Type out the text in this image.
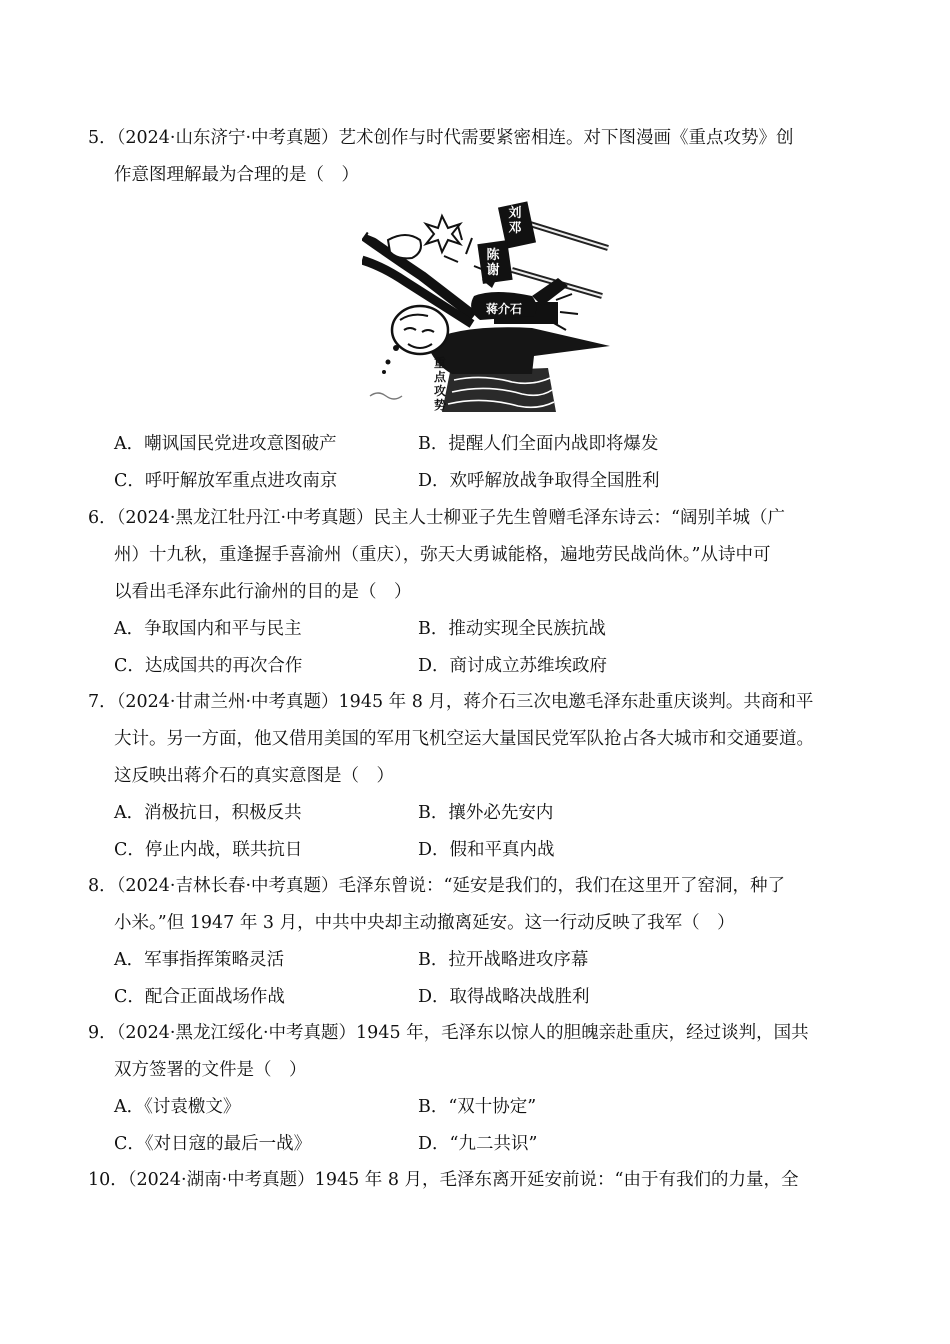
5．（2024·山东济宁·中考真题）艺术创作与时代需要紧密相连。对下图漫画《重点攻势》创
作意图理解最为合理的是（　）
刘邓
陈谢
蒋介石
重点攻势
A．嘲讽国民党进攻意图破产	B．提醒人们全面内战即将爆发
C．呼吁解放军重点进攻南京	D．欢呼解放战争取得全国胜利
6．（2024·黑龙江牡丹江·中考真题）民主人士柳亚子先生曾赠毛泽东诗云：“阔别羊城（广
州）十九秋，重逢握手喜渝州（重庆），弥天大勇诚能格，遍地劳民战尚休。”从诗中可
以看出毛泽东此行渝州的目的是（　）
A．争取国内和平与民主	B．推动实现全民族抗战
C．达成国共的再次合作	D．商讨成立苏维埃政府
7．（2024·甘肃兰州·中考真题）1945 年 8 月，蒋介石三次电邀毛泽东赴重庆谈判。共商和平
大计。另一方面，他又借用美国的军用飞机空运大量国民党军队抢占各大城市和交通要道。
这反映出蒋介石的真实意图是（　）
A．消极抗日，积极反共	B．攘外必先安内
C．停止内战，联共抗日	D．假和平真内战
8．（2024·吉林长春·中考真题）毛泽东曾说：“延安是我们的，我们在这里开了窑洞，种了
小米。”但 1947 年 3 月，中共中央却主动撤离延安。这一行动反映了我军（　）
A．军事指挥策略灵活	B．拉开战略进攻序幕
C．配合正面战场作战	D．取得战略决战胜利
9．（2024·黑龙江绥化·中考真题）1945 年，毛泽东以惊人的胆魄亲赴重庆，经过谈判，国共
双方签署的文件是（　）
A．《讨袁檄文》	B．“双十协定”
C．《对日寇的最后一战》	D．“九二共识”
10．（2024·湖南·中考真题）1945 年 8 月，毛泽东离开延安前说：“由于有我们的力量，全
